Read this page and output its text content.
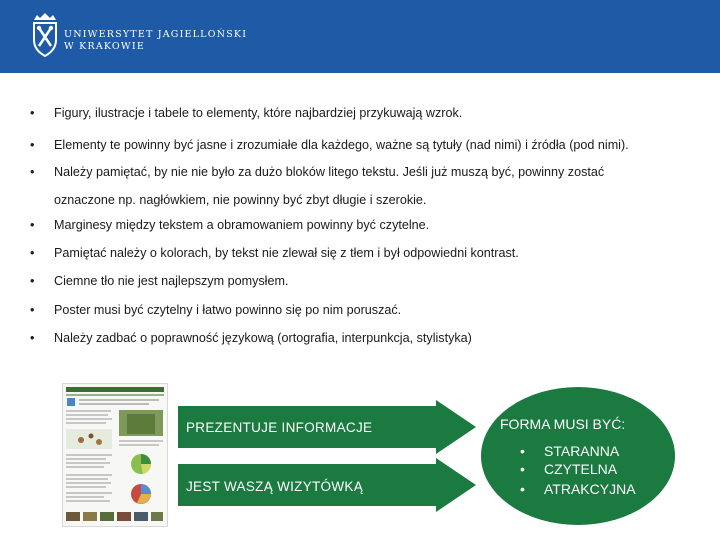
UNIWERSYTET JAGIELLOŃSKI
W KRAKOWIE
•	Figury, ilustracje i tabele to elementy, które najbardziej przykuwają wzrok.
•	Elementy te powinny być jasne i zrozumiałe dla każdego, ważne są tytuły (nad nimi) i źródła (pod nimi).
•	Należy pamiętać, by nie nie było za dużo bloków litego tekstu. Jeśli już muszą być, powinny zostać
oznaczone np. nagłówkiem, nie powinny być zbyt długie i szerokie.
•	Marginesy między tekstem a obramowaniem powinny być czytelne.
•	Pamiętać należy o kolorach, by tekst nie zlewał się z tłem i był odpowiedni kontrast.
•	Ciemne tło nie jest najlepszym pomysłem.
•	Poster musi być czytelny i łatwo powinno się po nim poruszać.
•	Należy zadbać o poprawność językową (ortografia, interpunkcja, stylistyka)
PREZENTUJE INFORMACJE
JEST WASZĄ WIZYTÓWKĄ
FORMA MUSI BYĆ:
• STARANNA
• CZYTELNA
• ATRAKCYJNA
